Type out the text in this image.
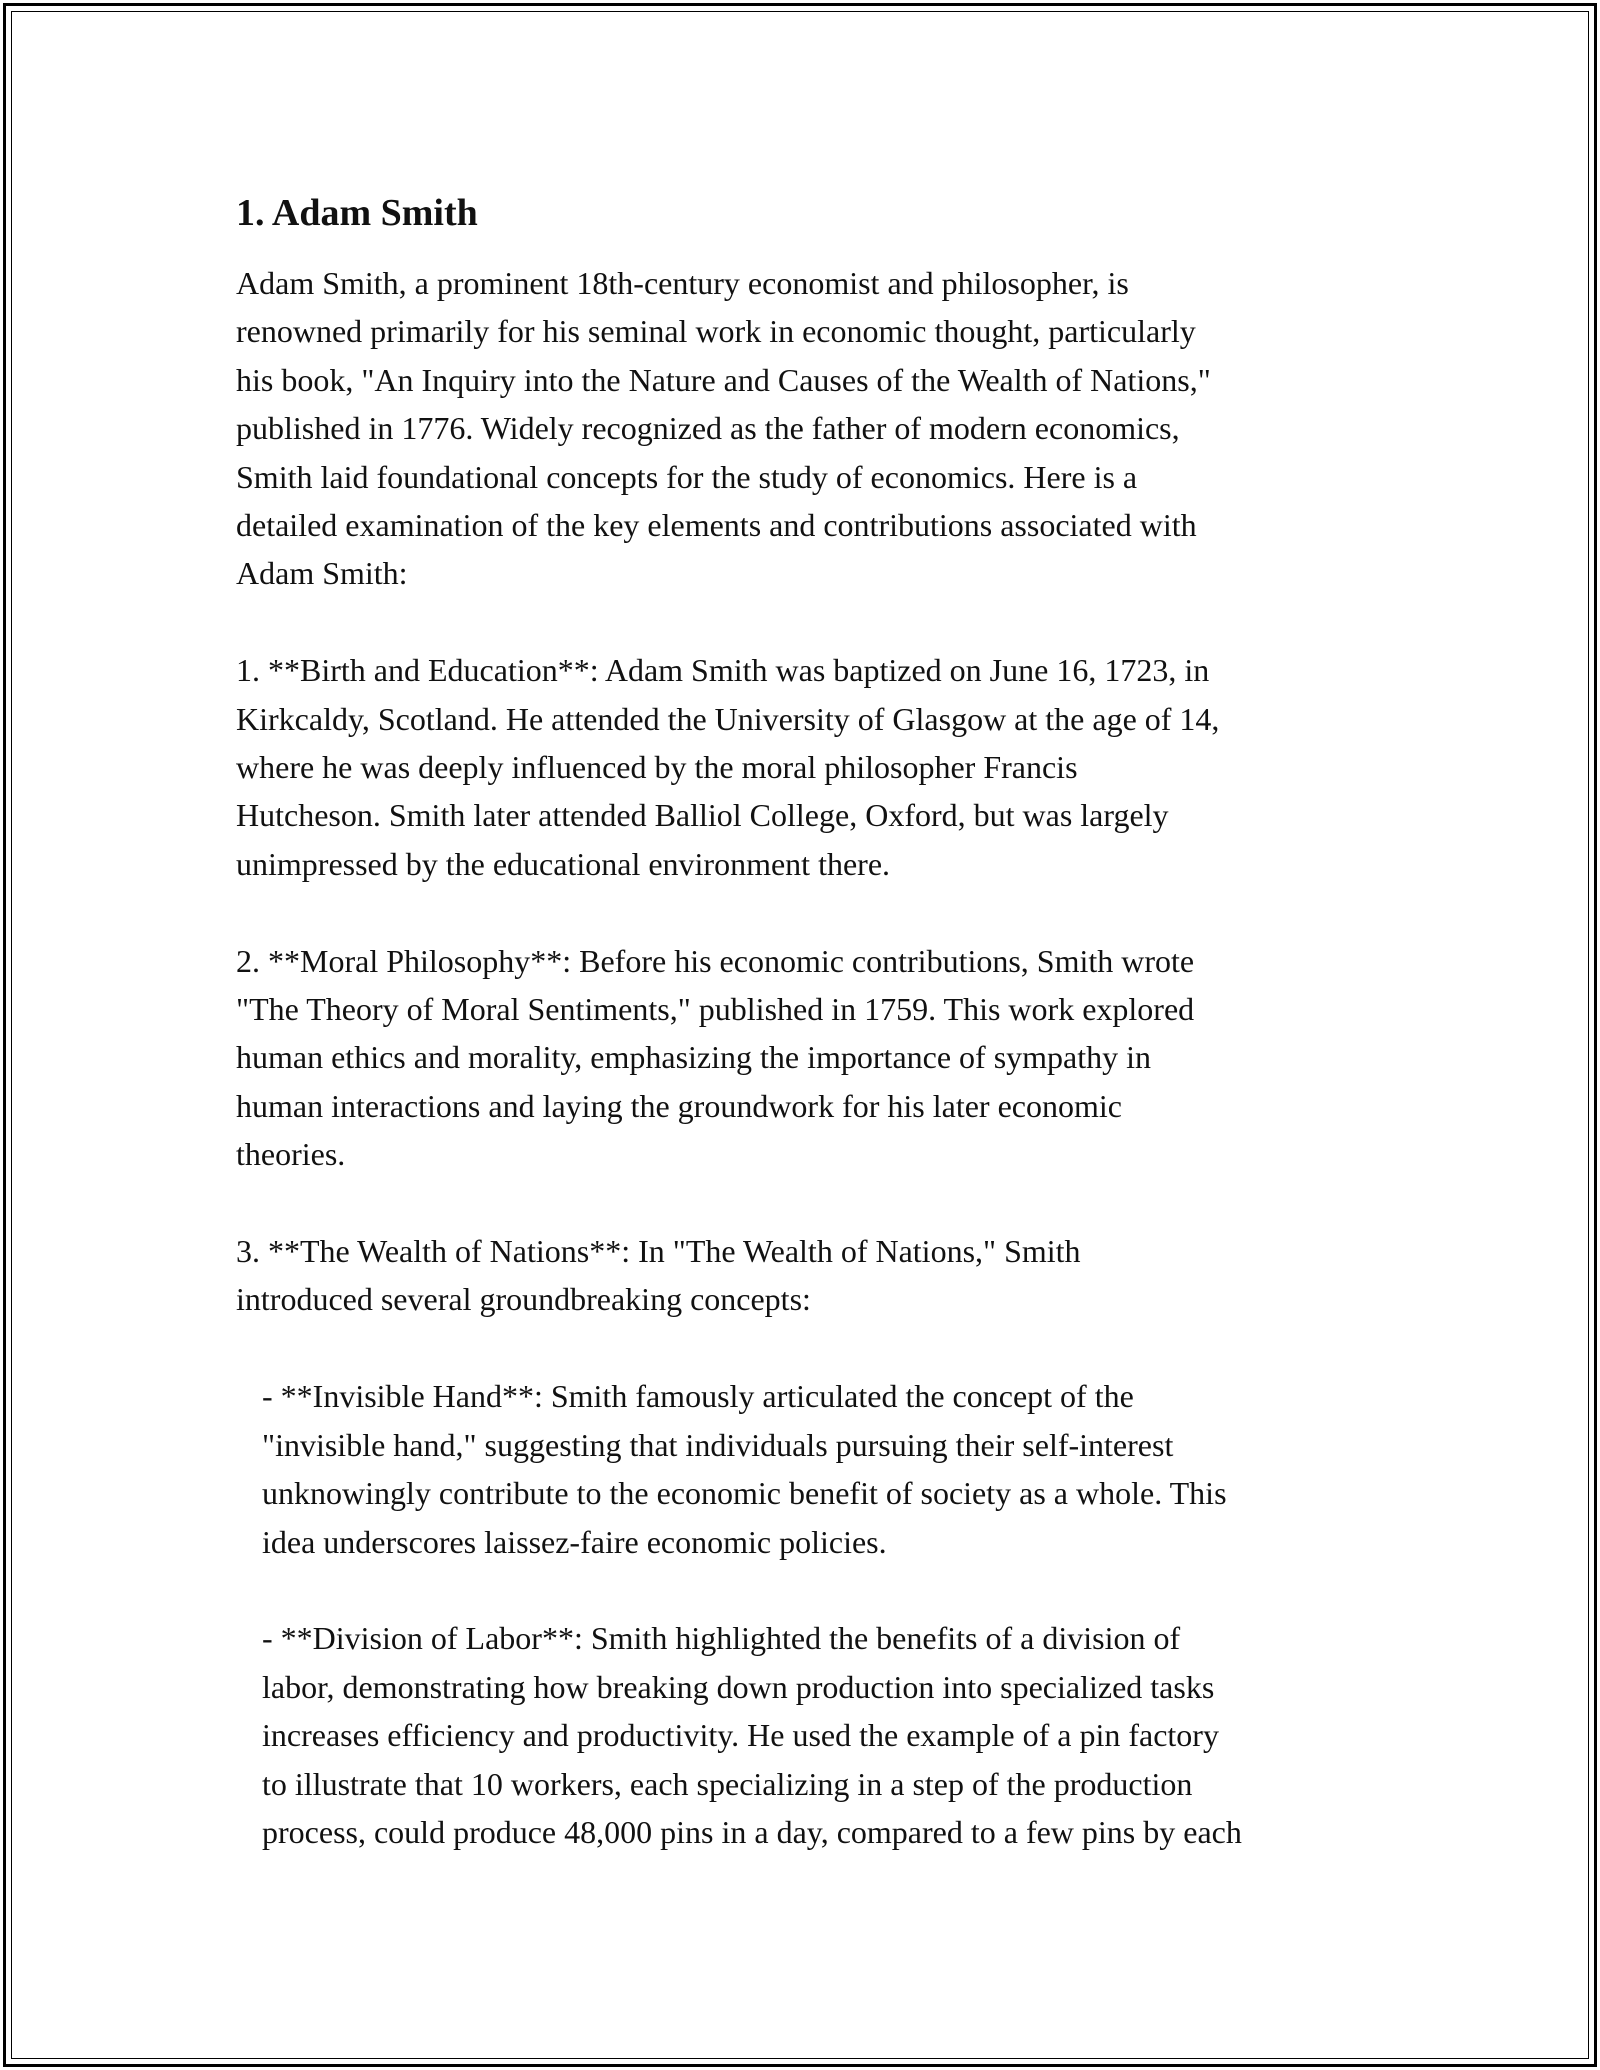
1. Adam Smith

Adam Smith, a prominent 18th-century economist and philosopher, is
renowned primarily for his seminal work in economic thought, particularly
his book, "An Inquiry into the Nature and Causes of the Wealth of Nations,"
published in 1776. Widely recognized as the father of modern economics,
Smith laid foundational concepts for the study of economics. Here is a
detailed examination of the key elements and contributions associated with
Adam Smith:

1. **Birth and Education**: Adam Smith was baptized on June 16, 1723, in
Kirkcaldy, Scotland. He attended the University of Glasgow at the age of 14,
where he was deeply influenced by the moral philosopher Francis
Hutcheson. Smith later attended Balliol College, Oxford, but was largely
unimpressed by the educational environment there.

2. **Moral Philosophy**: Before his economic contributions, Smith wrote
"The Theory of Moral Sentiments," published in 1759. This work explored
human ethics and morality, emphasizing the importance of sympathy in
human interactions and laying the groundwork for his later economic
theories.

3. **The Wealth of Nations**: In "The Wealth of Nations," Smith
introduced several groundbreaking concepts:

- **Invisible Hand**: Smith famously articulated the concept of the
"invisible hand," suggesting that individuals pursuing their self-interest
unknowingly contribute to the economic benefit of society as a whole. This
idea underscores laissez-faire economic policies.

- **Division of Labor**: Smith highlighted the benefits of a division of
labor, demonstrating how breaking down production into specialized tasks
increases efficiency and productivity. He used the example of a pin factory
to illustrate that 10 workers, each specializing in a step of the production
process, could produce 48,000 pins in a day, compared to a few pins by each
